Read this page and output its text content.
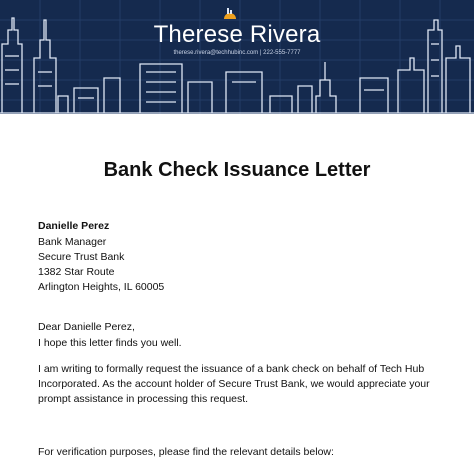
Therese Rivera
therese.rivera@techhubinc.com | 222-555-7777
Bank Check Issuance Letter
Danielle Perez
Bank Manager
Secure Trust Bank
1382 Star Route
Arlington Heights, IL 60005
Dear Danielle Perez,
I hope this letter finds you well.
I am writing to formally request the issuance of a bank check on behalf of Tech Hub
Incorporated. As the account holder of Secure Trust Bank, we would appreciate your
prompt assistance in processing this request.
For verification purposes, please find the relevant details below:
